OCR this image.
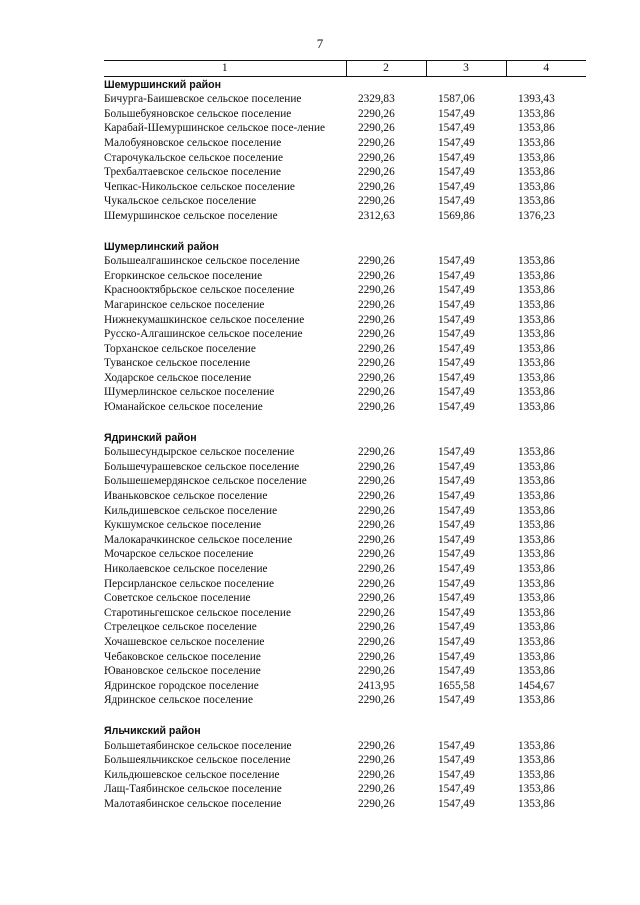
7
1	2	3	4
Шемуршинский район			
Бичурга-Баишевское сельское поселение	2329,83	1587,06	1393,43
Большебуяновское сельское поселение	2290,26	1547,49	1353,86
Карабай-Шемуршинское сельское посе-ление	2290,26	1547,49	1353,86
Малобуяновское сельское поселение	2290,26	1547,49	1353,86
Старочукальское сельское поселение	2290,26	1547,49	1353,86
Трехбалтаевское сельское поселение	2290,26	1547,49	1353,86
Чепкас-Никольское сельское поселение	2290,26	1547,49	1353,86
Чукальское сельское поселение	2290,26	1547,49	1353,86
Шемуршинское сельское поселение	2312,63	1569,86	1376,23

Шумерлинский район			
Большеалгашинское сельское поселение	2290,26	1547,49	1353,86
Егоркинское сельское поселение	2290,26	1547,49	1353,86
Краснооктябрьское сельское поселение	2290,26	1547,49	1353,86
Магаринское сельское поселение	2290,26	1547,49	1353,86
Нижнекумашкинское сельское поселение	2290,26	1547,49	1353,86
Русско-Алгашинское сельское поселение	2290,26	1547,49	1353,86
Торханское сельское поселение	2290,26	1547,49	1353,86
Туванское сельское поселение	2290,26	1547,49	1353,86
Ходарское сельское поселение	2290,26	1547,49	1353,86
Шумерлинское сельское поселение	2290,26	1547,49	1353,86
Юманайское сельское поселение	2290,26	1547,49	1353,86

Ядринский район			
Большесундырское сельское поселение	2290,26	1547,49	1353,86
Большечурашевское сельское поселение	2290,26	1547,49	1353,86
Большешемердянское сельское поселение	2290,26	1547,49	1353,86
Иваньковское сельское поселение	2290,26	1547,49	1353,86
Кильдишевское сельское поселение	2290,26	1547,49	1353,86
Кукшумское сельское поселение	2290,26	1547,49	1353,86
Малокарачкинское сельское поселение	2290,26	1547,49	1353,86
Мочарское сельское поселение	2290,26	1547,49	1353,86
Николаевское сельское поселение	2290,26	1547,49	1353,86
Персирланское сельское поселение	2290,26	1547,49	1353,86
Советское сельское поселение	2290,26	1547,49	1353,86
Старотиньгешское сельское поселение	2290,26	1547,49	1353,86
Стрелецкое сельское поселение	2290,26	1547,49	1353,86
Хочашевское сельское поселение	2290,26	1547,49	1353,86
Чебаковское сельское поселение	2290,26	1547,49	1353,86
Ювановское сельское поселение	2290,26	1547,49	1353,86
Ядринское городское поселение	2413,95	1655,58	1454,67
Ядринское сельское поселение	2290,26	1547,49	1353,86

Яльчикский район			
Большетаябинское сельское поселение	2290,26	1547,49	1353,86
Большеяльчикское сельское поселение	2290,26	1547,49	1353,86
Кильдюшевское сельское поселение	2290,26	1547,49	1353,86
Лащ-Таябинское сельское поселение	2290,26	1547,49	1353,86
Малотаябинское сельское поселение	2290,26	1547,49	1353,86
